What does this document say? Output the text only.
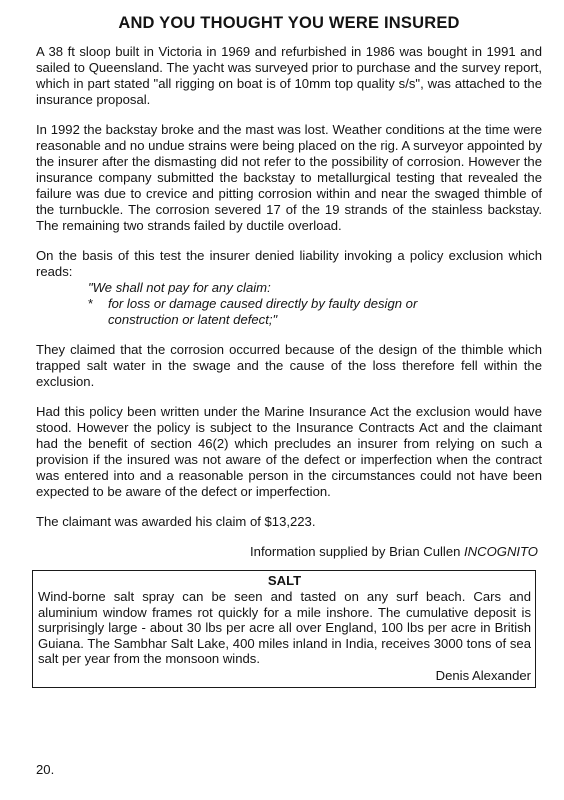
AND YOU THOUGHT YOU WERE INSURED

A 38 ft sloop built in Victoria in 1969 and refurbished in 1986 was bought in 1991 and sailed to Queensland. The yacht was surveyed prior to purchase and the survey report, which in part stated "all rigging on boat is of 10mm top quality s/s", was attached to the insurance proposal.

In 1992 the backstay broke and the mast was lost. Weather conditions at the time were reasonable and no undue strains were being placed on the rig. A surveyor appointed by the insurer after the dismasting did not refer to the possibility of corrosion. However the insurance company submitted the backstay to metallurgical testing that revealed the failure was due to crevice and pitting corrosion within and near the swaged thimble of the turnbuckle. The corrosion severed 17 of the 19 strands of the stainless backstay. The remaining two strands failed by ductile overload.

On the basis of this test the insurer denied liability invoking a policy exclusion which reads:

"We shall not pay for any claim:
*	for loss or damage caused directly by faulty design or
construction or latent defect;"

They claimed that the corrosion occurred because of the design of the thimble which trapped salt water in the swage and the cause of the loss therefore fell within the exclusion.

Had this policy been written under the Marine Insurance Act the exclusion would have stood. However the policy is subject to the Insurance Contracts Act and the claimant had the benefit of section 46(2) which precludes an insurer from relying on such a provision if the insured was not aware of the defect or imperfection when the contract was entered into and a reasonable person in the circumstances could not have been expected to be aware of the defect or imperfection.

The claimant was awarded his claim of $13,223.

Information supplied by Brian Cullen INCOGNITO

SALT

Wind-borne salt spray can be seen and tasted on any surf beach. Cars and aluminium window frames rot quickly for a mile inshore. The cumulative deposit is surprisingly large - about 30 lbs per acre all over England, 100 lbs per acre in British Guiana. The Sambhar Salt Lake, 400 miles inland in India, receives 3000 tons of sea salt per year from the monsoon winds.

Denis Alexander

20.
